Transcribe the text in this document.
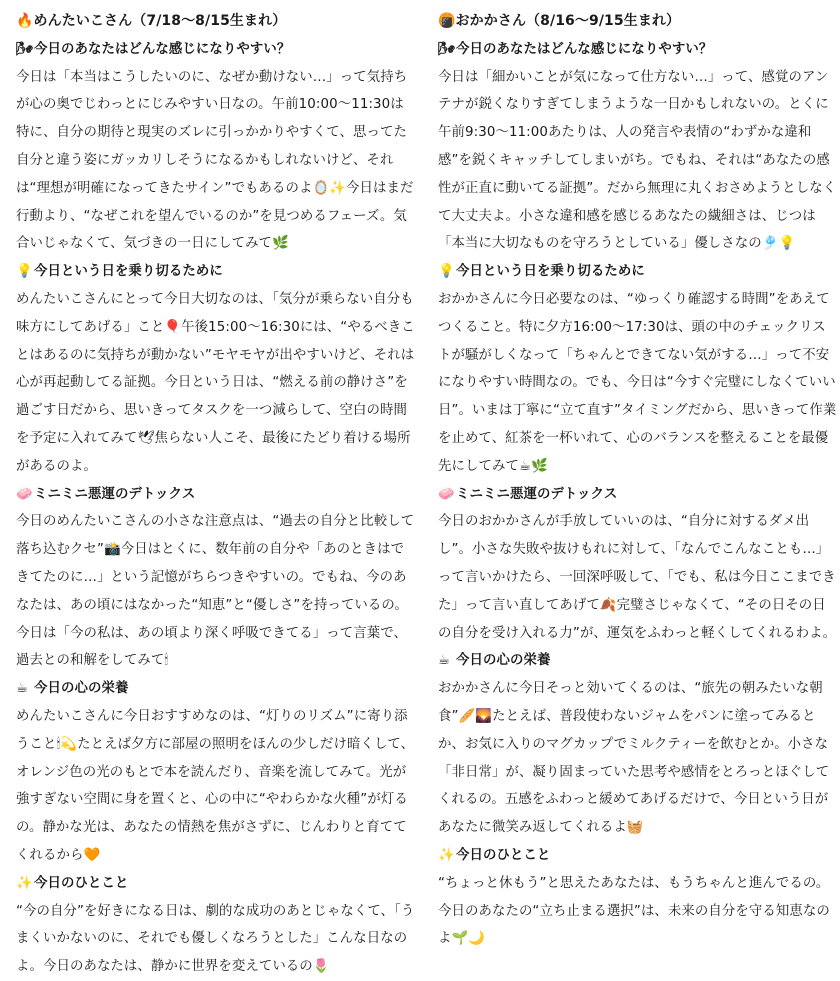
🔥めんたいこさん（7/18〜8/15生まれ）
🌬今日のあなたはどんな感じになりやすい？
今日は「本当はこうしたいのに、なぜか動けない…」って気持ちが心の奥でじわっとにじみやすい日なの。午前10:00〜11:30は特に、自分の期待と現実のズレに引っかかりやすくて、思ってた自分と違う姿にガッカリしそうになるかもしれないけど、それは“理想が明確になってきたサイン”でもあるのよ🪞✨今日はまだ行動より、“なぜこれを望んでいるのか”を見つめるフェーズ。気合いじゃなくて、気づきの一日にしてみて🌿
💡今日という日を乗り切るために
めんたいこさんにとって今日大切なのは、「気分が乗らない自分も味方にしてあげる」こと🎈午後15:00〜16:30には、“やるべきことはあるのに気持ちが動かない”モヤモヤが出やすいけど、それは心が再起動してる証拠。今日という日は、“燃える前の静けさ”を過ごす日だから、思いきってタスクを一つ減らして、空白の時間を予定に入れてみて🕊焦らない人こそ、最後にたどり着ける場所があるのよ。
🧼ミニミニ悪運のデトックス
今日のめんたいこさんの小さな注意点は、“過去の自分と比較して落ち込むクセ”📸今日はとくに、数年前の自分や「あのときはできてたのに…」という記憶がちらつきやすいの。でもね、今のあなたは、あの頃にはなかった“知恵”と“優しさ”を持っているの。今日は「今の私は、あの頃より深く呼吸できてる」って言葉で、過去との和解をしてみて🕯
☕ 今日の心の栄養
めんたいこさんに今日おすすめなのは、“灯りのリズム”に寄り添うこと🕯💫たとえば夕方に部屋の照明をほんの少しだけ暗くして、オレンジ色の光のもとで本を読んだり、音楽を流してみて。光が強すぎない空間に身を置くと、心の中に“やわらかな火種”が灯るの。静かな光は、あなたの情熱を焦がさずに、じんわりと育ててくれるから🧡
✨今日のひとこと
“今の自分”を好きになる日は、劇的な成功のあとじゃなくて、「うまくいかないのに、それでも優しくなろうとした」こんな日なのよ。今日のあなたは、静かに世界を変えているの🌷
🍘おかかさん（8/16〜9/15生まれ）
🌬今日のあなたはどんな感じになりやすい？
今日は「細かいことが気になって仕方ない…」って、感覚のアンテナが鋭くなりすぎてしまうような一日かもしれないの。とくに午前9:30〜11:00あたりは、人の発言や表情の“わずかな違和感”を鋭くキャッチしてしまいがち。でもね、それは“あなたの感性が正直に動いてる証拠”。だから無理に丸くおさめようとしなくて大丈夫よ。小さな違和感を感じるあなたの繊細さは、じつは「本当に大切なものを守ろうとしている」優しさなの🎐💡
💡今日という日を乗り切るために
おかかさんに今日必要なのは、“ゆっくり確認する時間”をあえてつくること。特に夕方16:00〜17:30は、頭の中のチェックリストが騒がしくなって「ちゃんとできてない気がする…」って不安になりやすい時間なの。でも、今日は“今すぐ完璧にしなくていい日”。いまは丁寧に“立て直す”タイミングだから、思いきって作業を止めて、紅茶を一杯いれて、心のバランスを整えることを最優先にしてみて☕🌿
🧼ミニミニ悪運のデトックス
今日のおかかさんが手放していいのは、“自分に対するダメ出し”。小さな失敗や抜けもれに対して、「なんでこんなことも…」って言いかけたら、一回深呼吸して、「でも、私は今日ここまできた」って言い直してあげて🍂完璧さじゃなくて、“その日その日の自分を受け入れる力”が、運気をふわっと軽くしてくれるわよ。
☕ 今日の心の栄養
おかかさんに今日そっと効いてくるのは、“旅先の朝みたいな朝食”🥖🌄たとえば、普段使わないジャムをパンに塗ってみるとか、お気に入りのマグカップでミルクティーを飲むとか。小さな「非日常」が、凝り固まっていた思考や感情をとろっとほぐしてくれるの。五感をふわっと緩めてあげるだけで、今日という日があなたに微笑み返してくれるよ🧺
✨今日のひとこと
“ちょっと休もう”と思えたあなたは、もうちゃんと進んでるの。今日のあなたの“立ち止まる選択”は、未来の自分を守る知恵なのよ🌱🌙
